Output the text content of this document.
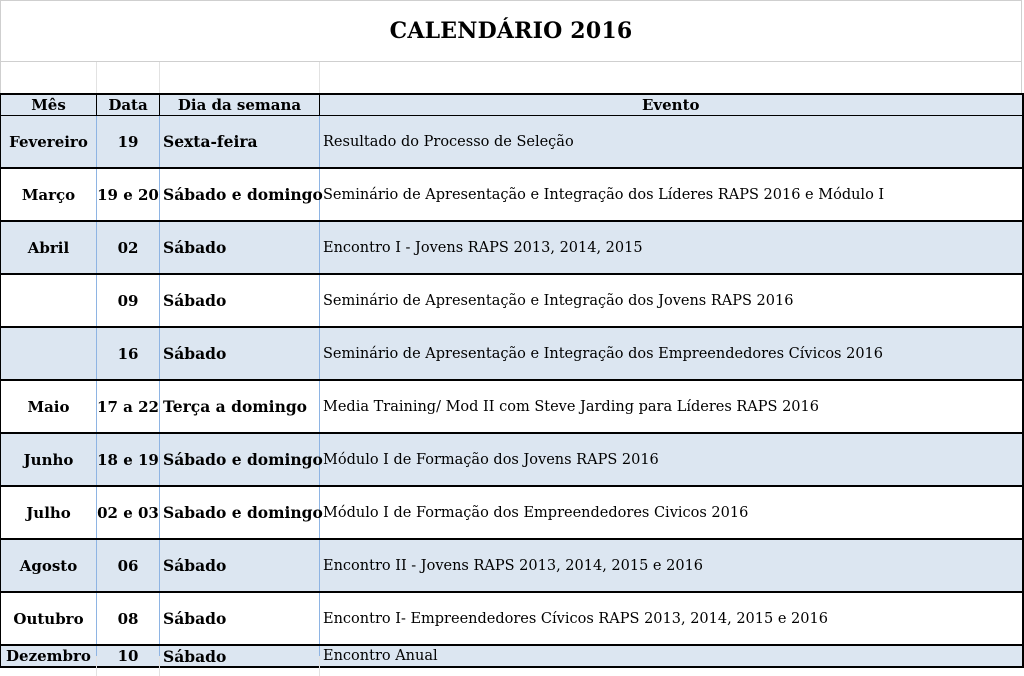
CALENDÁRIO 2016
Mês	Data	Dia da semana	Evento
Fevereiro	19	Sexta-feira	Resultado do Processo de Seleção
Março	19 e 20	Sábado e domingo	Seminário de Apresentação e Integração dos Líderes RAPS 2016 e Módulo I
Abril	02	Sábado	Encontro I - Jovens RAPS 2013, 2014, 2015
	09	Sábado	Seminário de Apresentação e Integração dos Jovens RAPS 2016
	16	Sábado	Seminário de Apresentação e Integração dos Empreendedores Cívicos 2016
Maio	17 a 22	Terça a domingo	Media Training/ Mod II com Steve Jarding para Líderes RAPS 2016
Junho	18 e 19	Sábado e domingo	Módulo I de Formação dos Jovens RAPS 2016
Julho	02 e 03	Sabado e domingo	Módulo I de Formação dos Empreendedores Civicos 2016
Agosto	06	Sábado	Encontro II - Jovens RAPS 2013, 2014, 2015 e 2016
Outubro	08	Sábado	Encontro I- Empreendedores Cívicos RAPS 2013, 2014, 2015 e 2016
Dezembro	10	Sábado	Encontro Anual
